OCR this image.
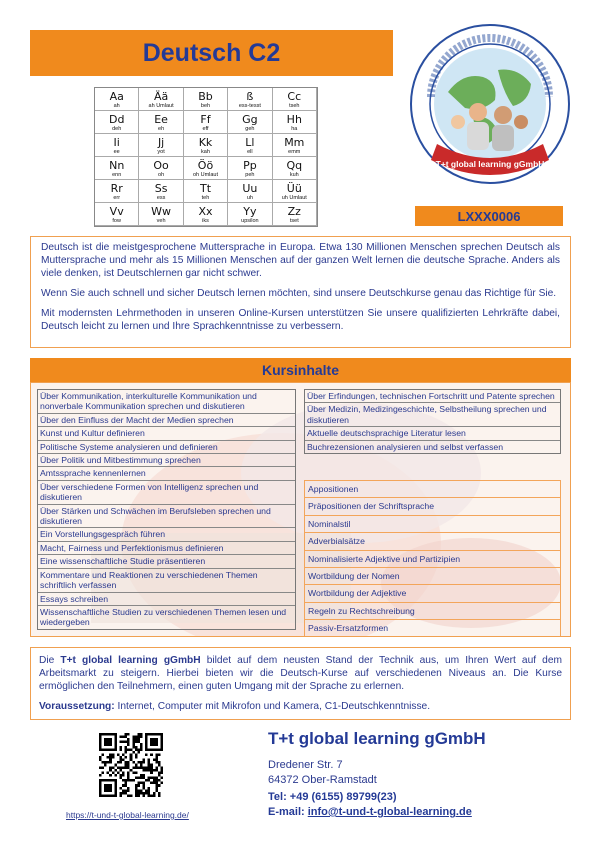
Deutsch C2
Aa
ah
Ää
ah Umlaut
Bb
beh
ß
ess-tesst
Cc
tseh
Dd
deh
Ee
eh
Ff
eff
Gg
geh
Hh
ha
Ii
ee
Jj
yot
Kk
kah
Ll
ell
Mm
emm
Nn
enn
Oo
oh
Öö
oh Umlaut
Pp
peh
Qq
kuh
Rr
err
Ss
ess
Tt
teh
Uu
uh
Üü
uh Umlaut
Vv
fow
Ww
veh
Xx
iks
Yy
upsilon
Zz
tset
T+t global learning gGmbH
LXXX0006

Deutsch ist die meistgesprochene Muttersprache in Europa. Etwa 130 Millionen Menschen sprechen Deutsch als Muttersprache und mehr als 15 Millionen Menschen auf der ganzen Welt lernen die deutsche Sprache. Anders als viele denken, ist Deutschlernen gar nicht schwer.

Wenn Sie auch schnell und sicher Deutsch lernen möchten, sind unsere Deutschkurse genau das Richtige für Sie.

Mit modernsten Lehrmethoden in unseren Online-Kursen unterstützen Sie unsere qualifizierten Lehrkräfte dabei, Deutsch leicht zu lernen und Ihre Sprachkenntnisse zu verbessern.

Kursinhalte
Über Kommunikation, interkulturelle Kommunikation und nonverbale Kommunikation sprechen und diskutieren
Über den Einfluss der Macht der Medien sprechen
Kunst und Kultur definieren
Politische Systeme analysieren und definieren
Über Politik und Mitbestimmung sprechen
Amtssprache kennenlernen
Über verschiedene Formen von Intelligenz sprechen und diskutieren
Über Stärken und Schwächen im Berufsleben sprechen und diskutieren
Ein Vorstellungsgespräch führen
Macht, Fairness und Perfektionismus definieren
Eine wissenschaftliche Studie präsentieren
Kommentare und Reaktionen zu verschiedenen Themen schriftlich verfassen
Essays schreiben
Wissenschaftliche Studien zu verschiedenen Themen lesen und wiedergeben
Über Erfindungen, technischen Fortschritt und Patente sprechen
Über Medizin, Medizingeschichte, Selbstheilung sprechen und diskutieren
Aktuelle deutschsprachige Literatur lesen
Buchrezensionen analysieren und selbst verfassen
Appositionen
Präpositionen der Schriftsprache
Nominalstil
Adverbialsätze
Nominalisierte Adjektive und Partizipien
Wortbildung der Nomen
Wortbildung der Adjektive
Regeln zu Rechtschreibung
Passiv-Ersatzformen

Die T+t global learning gGmbH bildet auf dem neusten Stand der Technik aus, um Ihren Wert auf dem Arbeitsmarkt zu steigern. Hierbei bieten wir die Deutsch-Kurse auf verschiedenen Niveaus an. Die Kurse ermöglichen den Teilnehmern, einen guten Umgang mit der Sprache zu erlernen.

Voraussetzung: Internet, Computer mit Mikrofon und Kamera, C1-Deutschkenntnisse.

https://t-und-t-global-learning.de/
T+t global learning gGmbH
Dredener Str. 7
64372 Ober-Ramstadt
Tel: +49 (6155) 89799(23)
E-mail: info@t-und-t-global-learning.de
